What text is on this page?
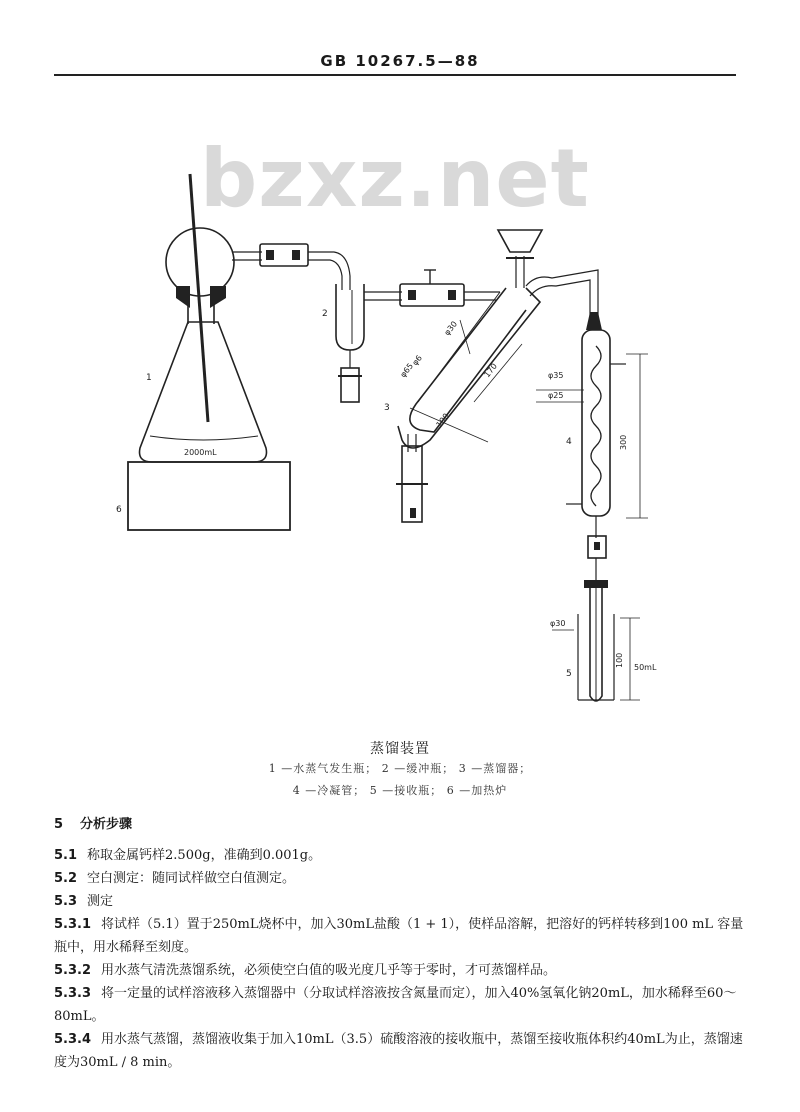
GB 10267.5—88
bzxz.net
1
2
3
4
5
6
2000mL
50mL
φ30
φ6
φ65	170
100
φ35
φ25
300
φ30
100
蒸馏装置
1 —水蒸气发生瓶； 2 —缓冲瓶； 3 —蒸馏器；
4 —冷凝管； 5 —接收瓶； 6 —加热炉
5 分析步骤
5.1 称取金属钙样2.500g，准确到0.001g。
5.2 空白测定：随同试样做空白值测定。
5.3 测定
5.3.1 将试样（5.1）置于250mL烧杯中，加入30mL盐酸（1 + 1），使样品溶解，把溶好的钙样转移到100 mL 容量瓶中，用水稀释至刻度。
5.3.2 用水蒸气清洗蒸馏系统，必须使空白值的吸光度几乎等于零时，才可蒸馏样品。
5.3.3 将一定量的试样溶液移入蒸馏器中（分取试样溶液按含氮量而定），加入40%氢氧化钠20mL，加水稀释至60～80mL。
5.3.4 用水蒸气蒸馏，蒸馏液收集于加入10mL（3.5）硫酸溶液的接收瓶中，蒸馏至接收瓶体积约40mL为止，蒸馏速度为30mL / 8 min。
